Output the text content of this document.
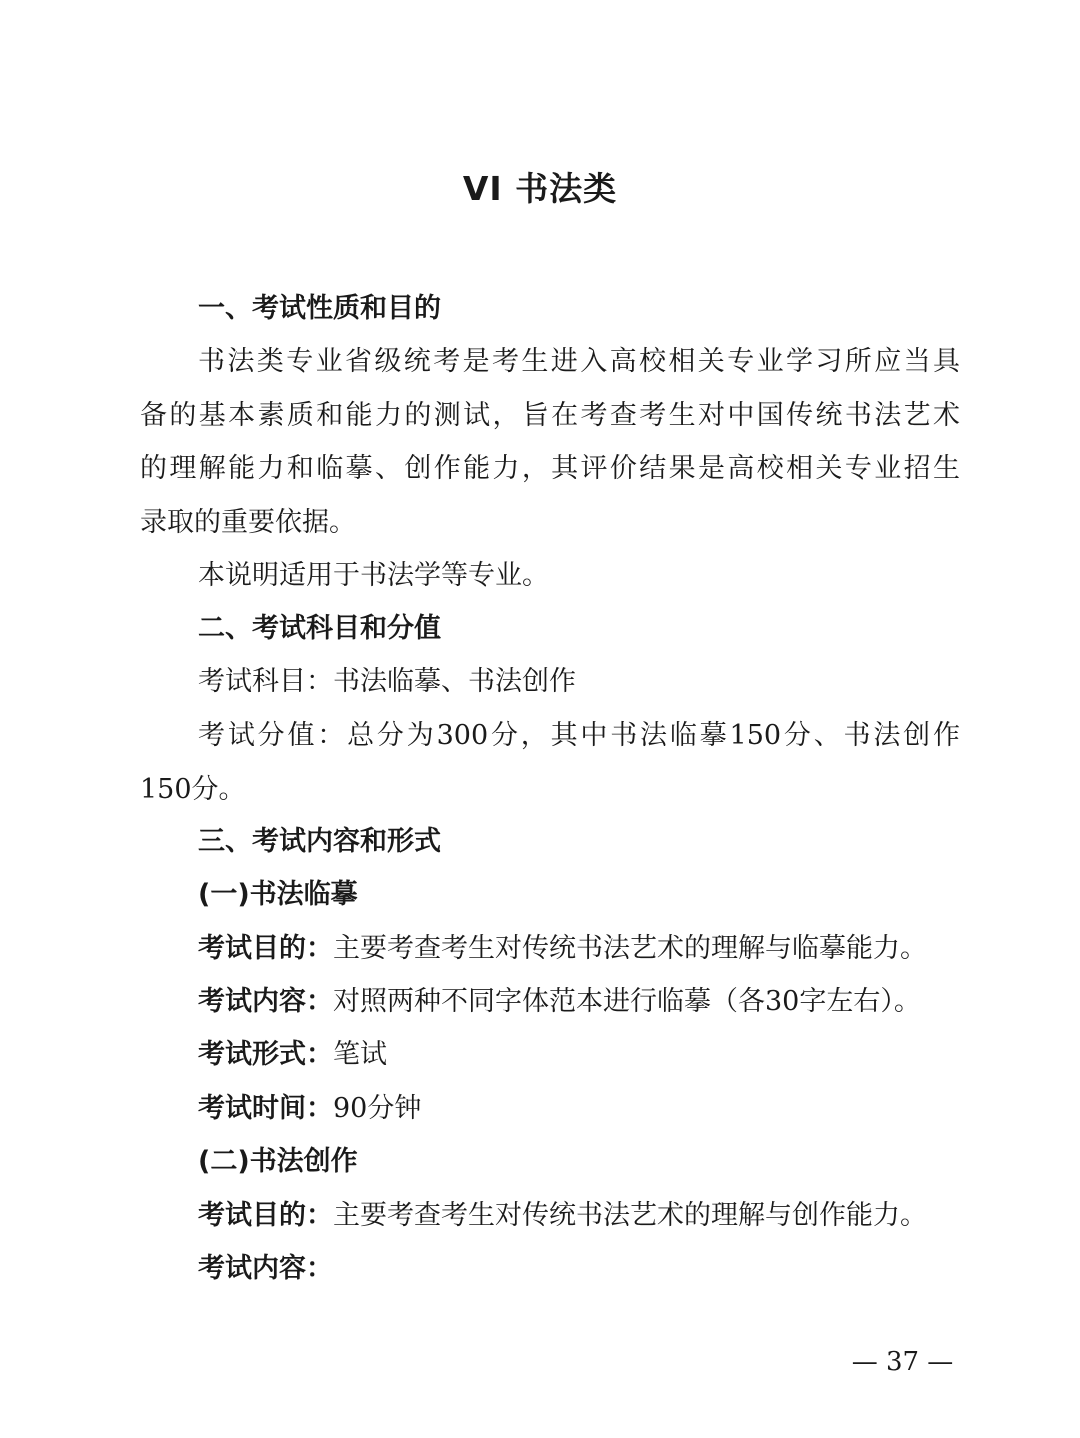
VI 书法类
一、考试性质和目的
书法类专业省级统考是考生进入高校相关专业学习所应当具
备的基本素质和能力的测试，旨在考查考生对中国传统书法艺术
的理解能力和临摹、创作能力，其评价结果是高校相关专业招生
录取的重要依据。
本说明适用于书法学等专业。
二、考试科目和分值
考试科目：书法临摹、书法创作
考试分值：总分为300分，其中书法临摹150分、书法创作
150分。
三、考试内容和形式
(一)书法临摹
考试目的：主要考查考生对传统书法艺术的理解与临摹能力。
考试内容：对照两种不同字体范本进行临摹（各30字左右）。
考试形式：笔试
考试时间：90分钟
(二)书法创作
考试目的：主要考查考生对传统书法艺术的理解与创作能力。
考试内容：
— 37 —
